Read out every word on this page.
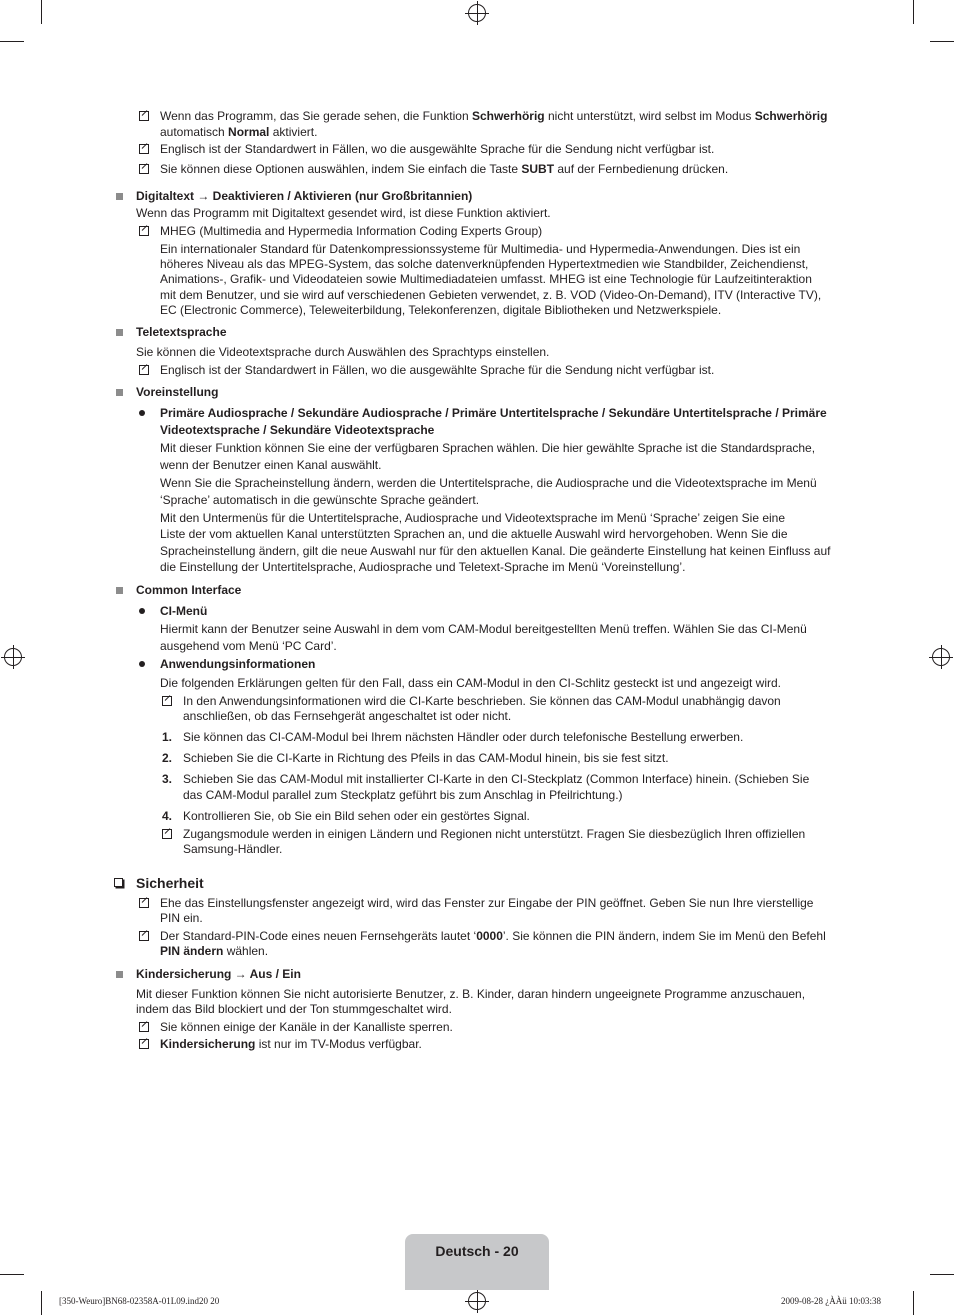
Wenn das Programm, das Sie gerade sehen, die Funktion Schwerhörig nicht unterstützt, wird selbst im Modus Schwerhörig
automatisch Normal aktiviert.
Englisch ist der Standardwert in Fällen, wo die ausgewählte Sprache für die Sendung nicht verfügbar ist.
Sie können diese Optionen auswählen, indem Sie einfach die Taste SUBT auf der Fernbedienung drücken.
Digitaltext → Deaktivieren / Aktivieren (nur Großbritannien)
Wenn das Programm mit Digitaltext gesendet wird, ist diese Funktion aktiviert.
MHEG (Multimedia and Hypermedia Information Coding Experts Group)
Ein internationaler Standard für Datenkompressionssysteme für Multimedia- und Hypermedia-Anwendungen. Dies ist ein
höheres Niveau als das MPEG-System, das solche datenverknüpfenden Hypertextmedien wie Standbilder, Zeichendienst,
Animations-, Grafik- und Videodateien sowie Multimediadateien umfasst. MHEG ist eine Technologie für Laufzeitinteraktion
mit dem Benutzer, und sie wird auf verschiedenen Gebieten verwendet, z. B. VOD (Video-On-Demand), ITV (Interactive TV),
EC (Electronic Commerce), Teleweiterbildung, Telekonferenzen, digitale Bibliotheken und Netzwerkspiele.
Teletextsprache
Sie können die Videotextsprache durch Auswählen des Sprachtyps einstellen.
Englisch ist der Standardwert in Fällen, wo die ausgewählte Sprache für die Sendung nicht verfügbar ist.
Voreinstellung
Primäre Audiosprache / Sekundäre Audiosprache / Primäre Untertitelsprache / Sekundäre Untertitelsprache / Primäre
Videotextsprache / Sekundäre Videotextsprache
Mit dieser Funktion können Sie eine der verfügbaren Sprachen wählen. Die hier gewählte Sprache ist die Standardsprache,
wenn der Benutzer einen Kanal auswählt.
Wenn Sie die Spracheinstellung ändern, werden die Untertitelsprache, die Audiosprache und die Videotextsprache im Menü
‘Sprache’ automatisch in die gewünschte Sprache geändert.
Mit den Untermenüs für die Untertitelsprache, Audiosprache und Videotextsprache im Menü ‘Sprache’ zeigen Sie eine
Liste der vom aktuellen Kanal unterstützten Sprachen an, und die aktuelle Auswahl wird hervorgehoben. Wenn Sie die
Spracheinstellung ändern, gilt die neue Auswahl nur für den aktuellen Kanal. Die geänderte Einstellung hat keinen Einfluss auf
die Einstellung der Untertitelsprache, Audiosprache und Teletext-Sprache im Menü ‘Voreinstellung’.
Common Interface
CI-Menü
Hiermit kann der Benutzer seine Auswahl in dem vom CAM-Modul bereitgestellten Menü treffen. Wählen Sie das CI-Menü
ausgehend vom Menü ‘PC Card’.
Anwendungsinformationen
Die folgenden Erklärungen gelten für den Fall, dass ein CAM-Modul in den CI-Schlitz gesteckt ist und angezeigt wird.
In den Anwendungsinformationen wird die CI-Karte beschrieben. Sie können das CAM-Modul unabhängig davon
anschließen, ob das Fernsehgerät angeschaltet ist oder nicht.
1. Sie können das CI-CAM-Modul bei Ihrem nächsten Händler oder durch telefonische Bestellung erwerben.
2. Schieben Sie die CI-Karte in Richtung des Pfeils in das CAM-Modul hinein, bis sie fest sitzt.
3. Schieben Sie das CAM-Modul mit installierter CI-Karte in den CI-Steckplatz (Common Interface) hinein. (Schieben Sie
das CAM-Modul parallel zum Steckplatz geführt bis zum Anschlag in Pfeilrichtung.)
4. Kontrollieren Sie, ob Sie ein Bild sehen oder ein gestörtes Signal.
Zugangsmodule werden in einigen Ländern und Regionen nicht unterstützt. Fragen Sie diesbezüglich Ihren offiziellen
Samsung-Händler.
Sicherheit
Ehe das Einstellungsfenster angezeigt wird, wird das Fenster zur Eingabe der PIN geöffnet. Geben Sie nun Ihre vierstellige
PIN ein.
Der Standard-PIN-Code eines neuen Fernsehgeräts lautet ‘0000’. Sie können die PIN ändern, indem Sie im Menü den Befehl
PIN ändern wählen.
Kindersicherung → Aus / Ein
Mit dieser Funktion können Sie nicht autorisierte Benutzer, z. B. Kinder, daran hindern ungeeignete Programme anzuschauen,
indem das Bild blockiert und der Ton stummgeschaltet wird.
Sie können einige der Kanäle in der Kanalliste sperren.
Kindersicherung ist nur im TV-Modus verfügbar.
Deutsch - 20
[350-Weuro]BN68-02358A-01L09.ind20 20	2009-08-28 ¿ÀÀü 10:03:38
